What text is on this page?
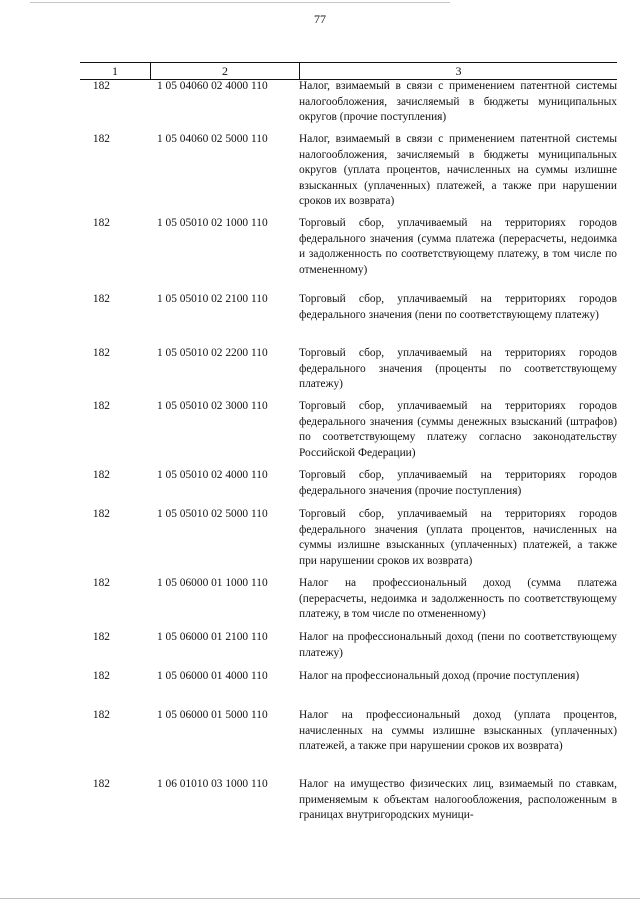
77
1	2	3
182	1 05 04060 02 4000 110	Налог, взимаемый в связи с применением патентной системы налогообложения, зачисляемый в бюджеты муниципальных округов (прочие поступления)
182	1 05 04060 02 5000 110	Налог, взимаемый в связи с применением патентной системы налогообложения, зачисляемый в бюджеты муниципальных округов (уплата процентов, начисленных на суммы излишне взысканных (уплаченных) платежей, а также при нарушении сроков их возврата)
182	1 05 05010 02 1000 110	Торговый сбор, уплачиваемый на территориях городов федерального значения (сумма платежа (перерасчеты, недоимка и задолженность по соответствующему платежу, в том числе по отмененному)
182	1 05 05010 02 2100 110	Торговый сбор, уплачиваемый на территориях городов федерального значения (пени по соответствующему платежу)
182	1 05 05010 02 2200 110	Торговый сбор, уплачиваемый на территориях городов федерального значения (проценты по соответствующему платежу)
182	1 05 05010 02 3000 110	Торговый сбор, уплачиваемый на территориях городов федерального значения (суммы денежных взысканий (штрафов) по соответствующему платежу согласно законодательству Российской Федерации)
182	1 05 05010 02 4000 110	Торговый сбор, уплачиваемый на территориях городов федерального значения (прочие поступления)
182	1 05 05010 02 5000 110	Торговый сбор, уплачиваемый на территориях городов федерального значения (уплата процентов, начисленных на суммы излишне взысканных (уплаченных) платежей, а также при нарушении сроков их возврата)
182	1 05 06000 01 1000 110	Налог на профессиональный доход (сумма платежа (перерасчеты, недоимка и задолженность по соответствующему платежу, в том числе по отмененному)
182	1 05 06000 01 2100 110	Налог на профессиональный доход (пени по соответствующему платежу)
182	1 05 06000 01 4000 110	Налог на профессиональный доход (прочие поступления)
182	1 05 06000 01 5000 110	Налог на профессиональный доход (уплата процентов, начисленных на суммы излишне взысканных (уплаченных) платежей, а также при нарушении сроков их возврата)
182	1 06 01010 03 1000 110	Налог на имущество физических лиц, взимаемый по ставкам, применяемым к объектам налогообложения, расположенным в границах внутригородских муници-
